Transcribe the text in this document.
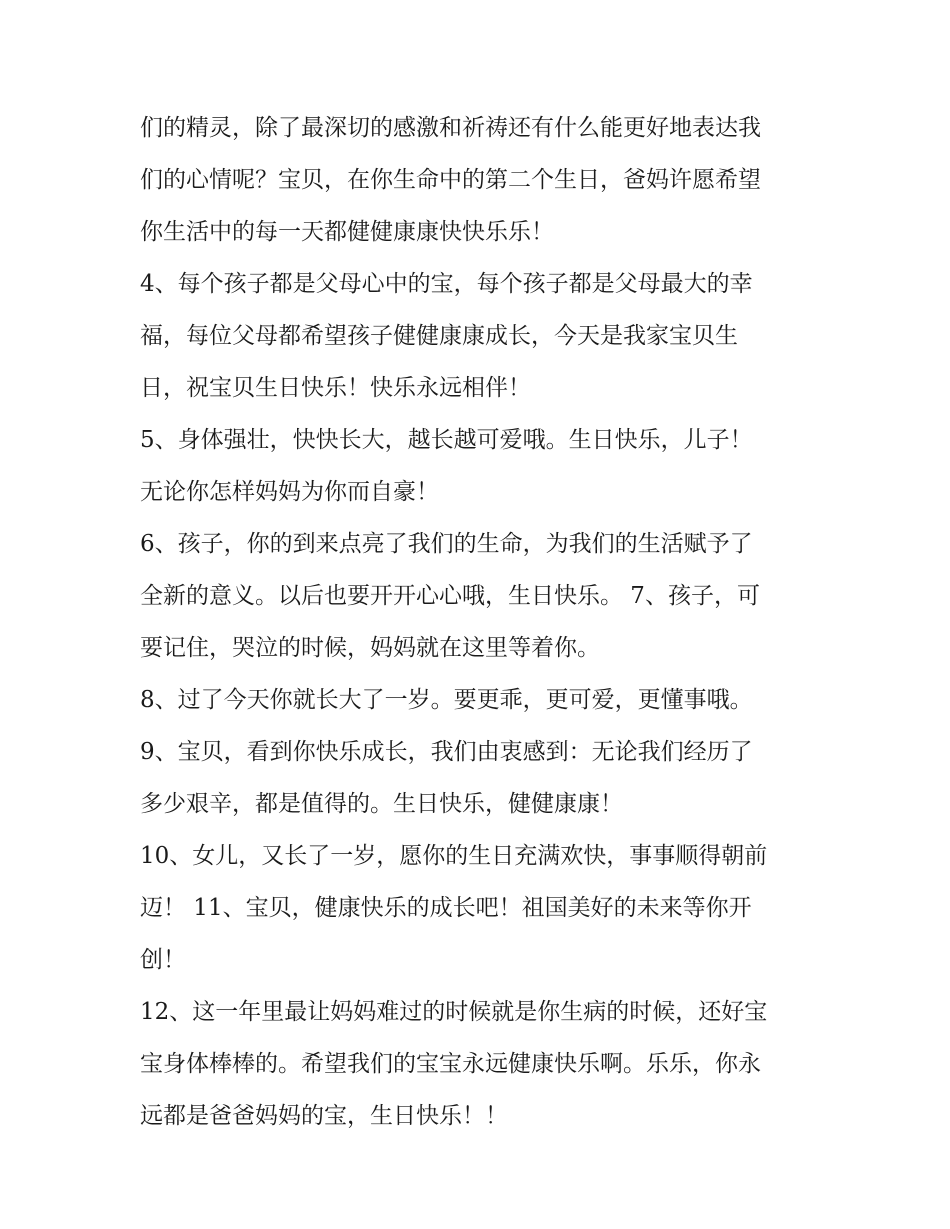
们的精灵，除了最深切的感激和祈祷还有什么能更好地表达我
们的心情呢？宝贝，在你生命中的第二个生日，爸妈许愿希望
你生活中的每一天都健健康康快快乐乐！
4、每个孩子都是父母心中的宝，每个孩子都是父母最大的幸
福，每位父母都希望孩子健健康康成长，今天是我家宝贝生
日，祝宝贝生日快乐！快乐永远相伴！
5、身体强壮，快快长大，越长越可爱哦。生日快乐，儿子！
无论你怎样妈妈为你而自豪！
6、孩子，你的到来点亮了我们的生命，为我们的生活赋予了
全新的意义。以后也要开开心心哦，生日快乐。 7、孩子，可
要记住，哭泣的时候，妈妈就在这里等着你。
8、过了今天你就长大了一岁。要更乖，更可爱，更懂事哦。
9、宝贝，看到你快乐成长，我们由衷感到：无论我们经历了
多少艰辛，都是值得的。生日快乐，健健康康！
10、女儿，又长了一岁，愿你的生日充满欢快，事事顺得朝前
迈！ 11、宝贝，健康快乐的成长吧！祖国美好的未来等你开
创！
12、这一年里最让妈妈难过的时候就是你生病的时候，还好宝
宝身体棒棒的。希望我们的宝宝永远健康快乐啊。乐乐，你永
远都是爸爸妈妈的宝，生日快乐！！
